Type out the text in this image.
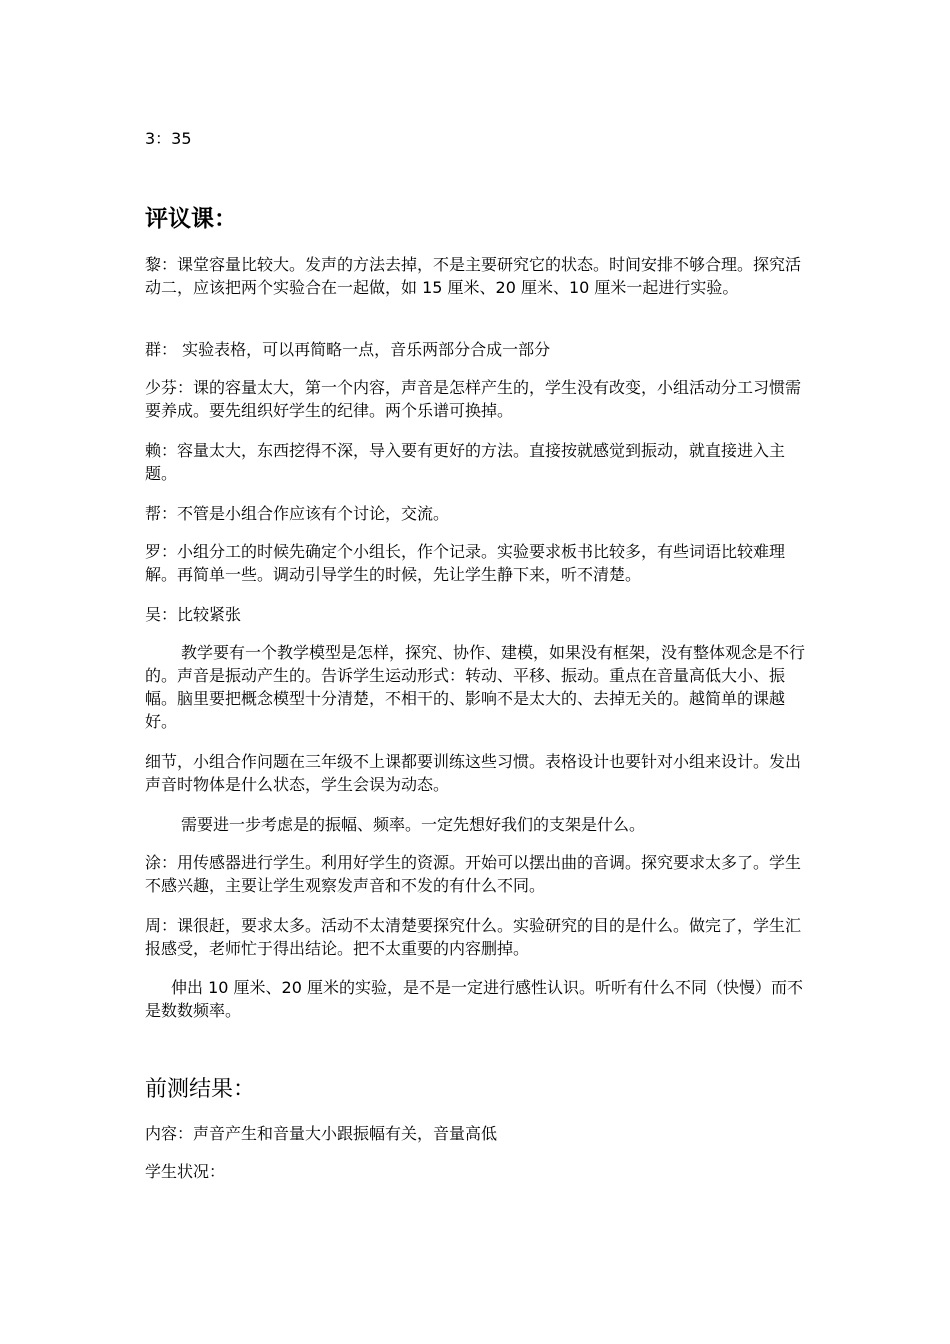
3：35

评议课：

黎：课堂容量比较大。发声的方法去掉，不是主要研究它的状态。时间安排不够合理。探究活动二，应该把两个实验合在一起做，如 15 厘米、20 厘米、10 厘米一起进行实验。

群： 实验表格，可以再简略一点，音乐两部分合成一部分

少芬：课的容量太大，第一个内容，声音是怎样产生的，学生没有改变，小组活动分工习惯需要养成。要先组织好学生的纪律。两个乐谱可换掉。

赖：容量太大，东西挖得不深，导入要有更好的方法。直接按就感觉到振动，就直接进入主题。

帮：不管是小组合作应该有个讨论，交流。

罗：小组分工的时候先确定个小组长，作个记录。实验要求板书比较多，有些词语比较难理解。再简单一些。调动引导学生的时候，先让学生静下来，听不清楚。

吴：比较紧张

教学要有一个教学模型是怎样，探究、协作、建模，如果没有框架，没有整体观念是不行的。声音是振动产生的。告诉学生运动形式：转动、平移、振动。重点在音量高低大小、振幅。脑里要把概念模型十分清楚，不相干的、影响不是太大的、去掉无关的。越简单的课越好。

细节，小组合作问题在三年级不上课都要训练这些习惯。表格设计也要针对小组来设计。发出声音时物体是什么状态，学生会误为动态。

需要进一步考虑是的振幅、频率。一定先想好我们的支架是什么。

涂：用传感器进行学生。利用好学生的资源。开始可以摆出曲的音调。探究要求太多了。学生不感兴趣，主要让学生观察发声音和不发的有什么不同。

周：课很赶，要求太多。活动不太清楚要探究什么。实验研究的目的是什么。做完了，学生汇报感受，老师忙于得出结论。把不太重要的内容删掉。

伸出 10 厘米、20 厘米的实验，是不是一定进行感性认识。听听有什么不同（快慢）而不是数数频率。

前测结果：

内容：声音产生和音量大小跟振幅有关，音量高低

学生状况：
